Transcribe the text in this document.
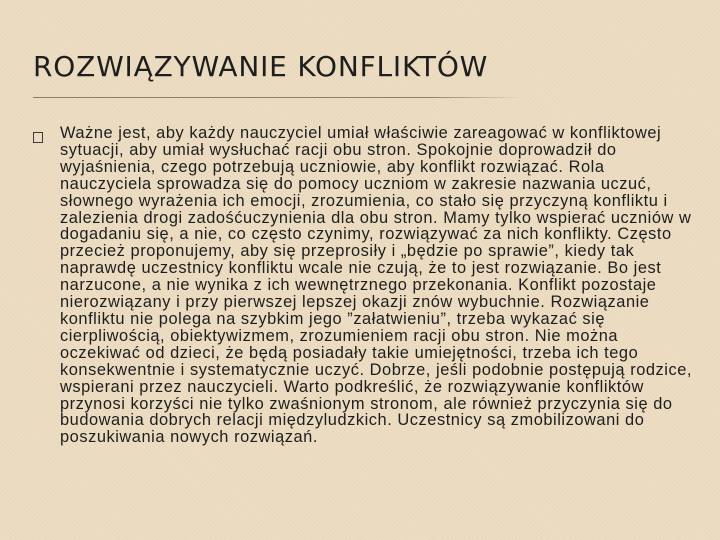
ROZWIĄZYWANIE KONFLIKTÓW

Ważne jest, aby każdy nauczyciel umiał właściwie zareagować w konfliktowej sytuacji, aby umiał wysłuchać racji obu stron. Spokojnie doprowadził do wyjaśnienia, czego potrzebują uczniowie, aby konflikt rozwiązać. Rola nauczyciela sprowadza się do pomocy uczniom w zakresie nazwania uczuć, słownego wyrażenia ich emocji, zrozumienia, co stało się przyczyną konfliktu i zalezienia drogi zadośćuczynienia dla obu stron. Mamy tylko wspierać uczniów w dogadaniu się, a nie, co często czynimy, rozwiązywać za nich konflikty. Często przecież proponujemy, aby się przeprosiły i „będzie po sprawie”, kiedy tak naprawdę uczestnicy konfliktu wcale nie czują, że to jest rozwiązanie. Bo jest narzucone, a nie wynika z ich wewnętrznego przekonania. Konflikt pozostaje nierozwiązany i przy pierwszej lepszej okazji znów wybuchnie. Rozwiązanie konfliktu nie polega na szybkim jego ”załatwieniu”, trzeba wykazać się cierpliwością, obiektywizmem, zrozumieniem racji obu stron. Nie można oczekiwać od dzieci, że będą posiadały takie umiejętności, trzeba ich tego konsekwentnie i systematycznie uczyć. Dobrze, jeśli podobnie postępują rodzice, wspierani przez nauczycieli. Warto podkreślić, że rozwiązywanie konfliktów przynosi korzyści nie tylko zwaśnionym stronom, ale również przyczynia się do budowania dobrych relacji międzyludzkich. Uczestnicy są zmobilizowani do poszukiwania nowych rozwiązań.
